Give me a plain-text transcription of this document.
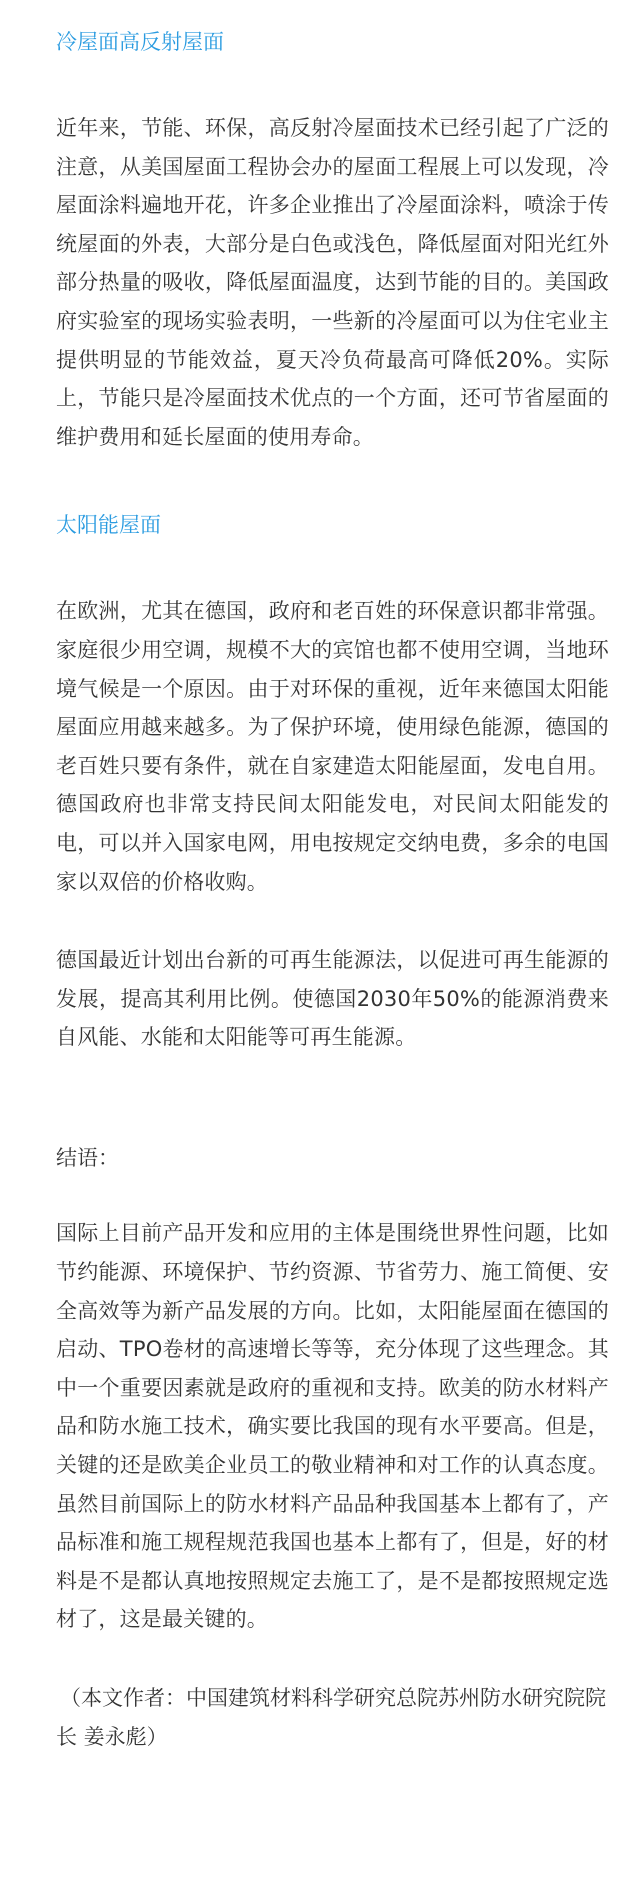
冷屋面高反射屋面

近年来，节能、环保，高反射冷屋面技术已经引起了广泛的注意，从美国屋面工程协会办的屋面工程展上可以发现，冷屋面涂料遍地开花，许多企业推出了冷屋面涂料，喷涂于传统屋面的外表，大部分是白色或浅色，降低屋面对阳光红外部分热量的吸收，降低屋面温度，达到节能的目的。美国政府实验室的现场实验表明，一些新的冷屋面可以为住宅业主提供明显的节能效益，夏天冷负荷最高可降低20%。实际上，节能只是冷屋面技术优点的一个方面，还可节省屋面的维护费用和延长屋面的使用寿命。

太阳能屋面

在欧洲，尤其在德国，政府和老百姓的环保意识都非常强。家庭很少用空调，规模不大的宾馆也都不使用空调，当地环境气候是一个原因。由于对环保的重视，近年来德国太阳能屋面应用越来越多。为了保护环境，使用绿色能源，德国的老百姓只要有条件，就在自家建造太阳能屋面，发电自用。德国政府也非常支持民间太阳能发电，对民间太阳能发的电，可以并入国家电网，用电按规定交纳电费，多余的电国家以双倍的价格收购。

德国最近计划出台新的可再生能源法，以促进可再生能源的发展，提高其利用比例。使德国2030年50%的能源消费来自风能、水能和太阳能等可再生能源。

结语：

国际上目前产品开发和应用的主体是围绕世界性问题，比如节约能源、环境保护、节约资源、节省劳力、施工简便、安全高效等为新产品发展的方向。比如，太阳能屋面在德国的启动、TPO卷材的高速增长等等，充分体现了这些理念。其中一个重要因素就是政府的重视和支持。欧美的防水材料产品和防水施工技术，确实要比我国的现有水平要高。但是，关键的还是欧美企业员工的敬业精神和对工作的认真态度。虽然目前国际上的防水材料产品品种我国基本上都有了，产品标准和施工规程规范我国也基本上都有了，但是，好的材料是不是都认真地按照规定去施工了，是不是都按照规定选材了，这是最关键的。

（本文作者：中国建筑材料科学研究总院苏州防水研究院院长 姜永彪）
